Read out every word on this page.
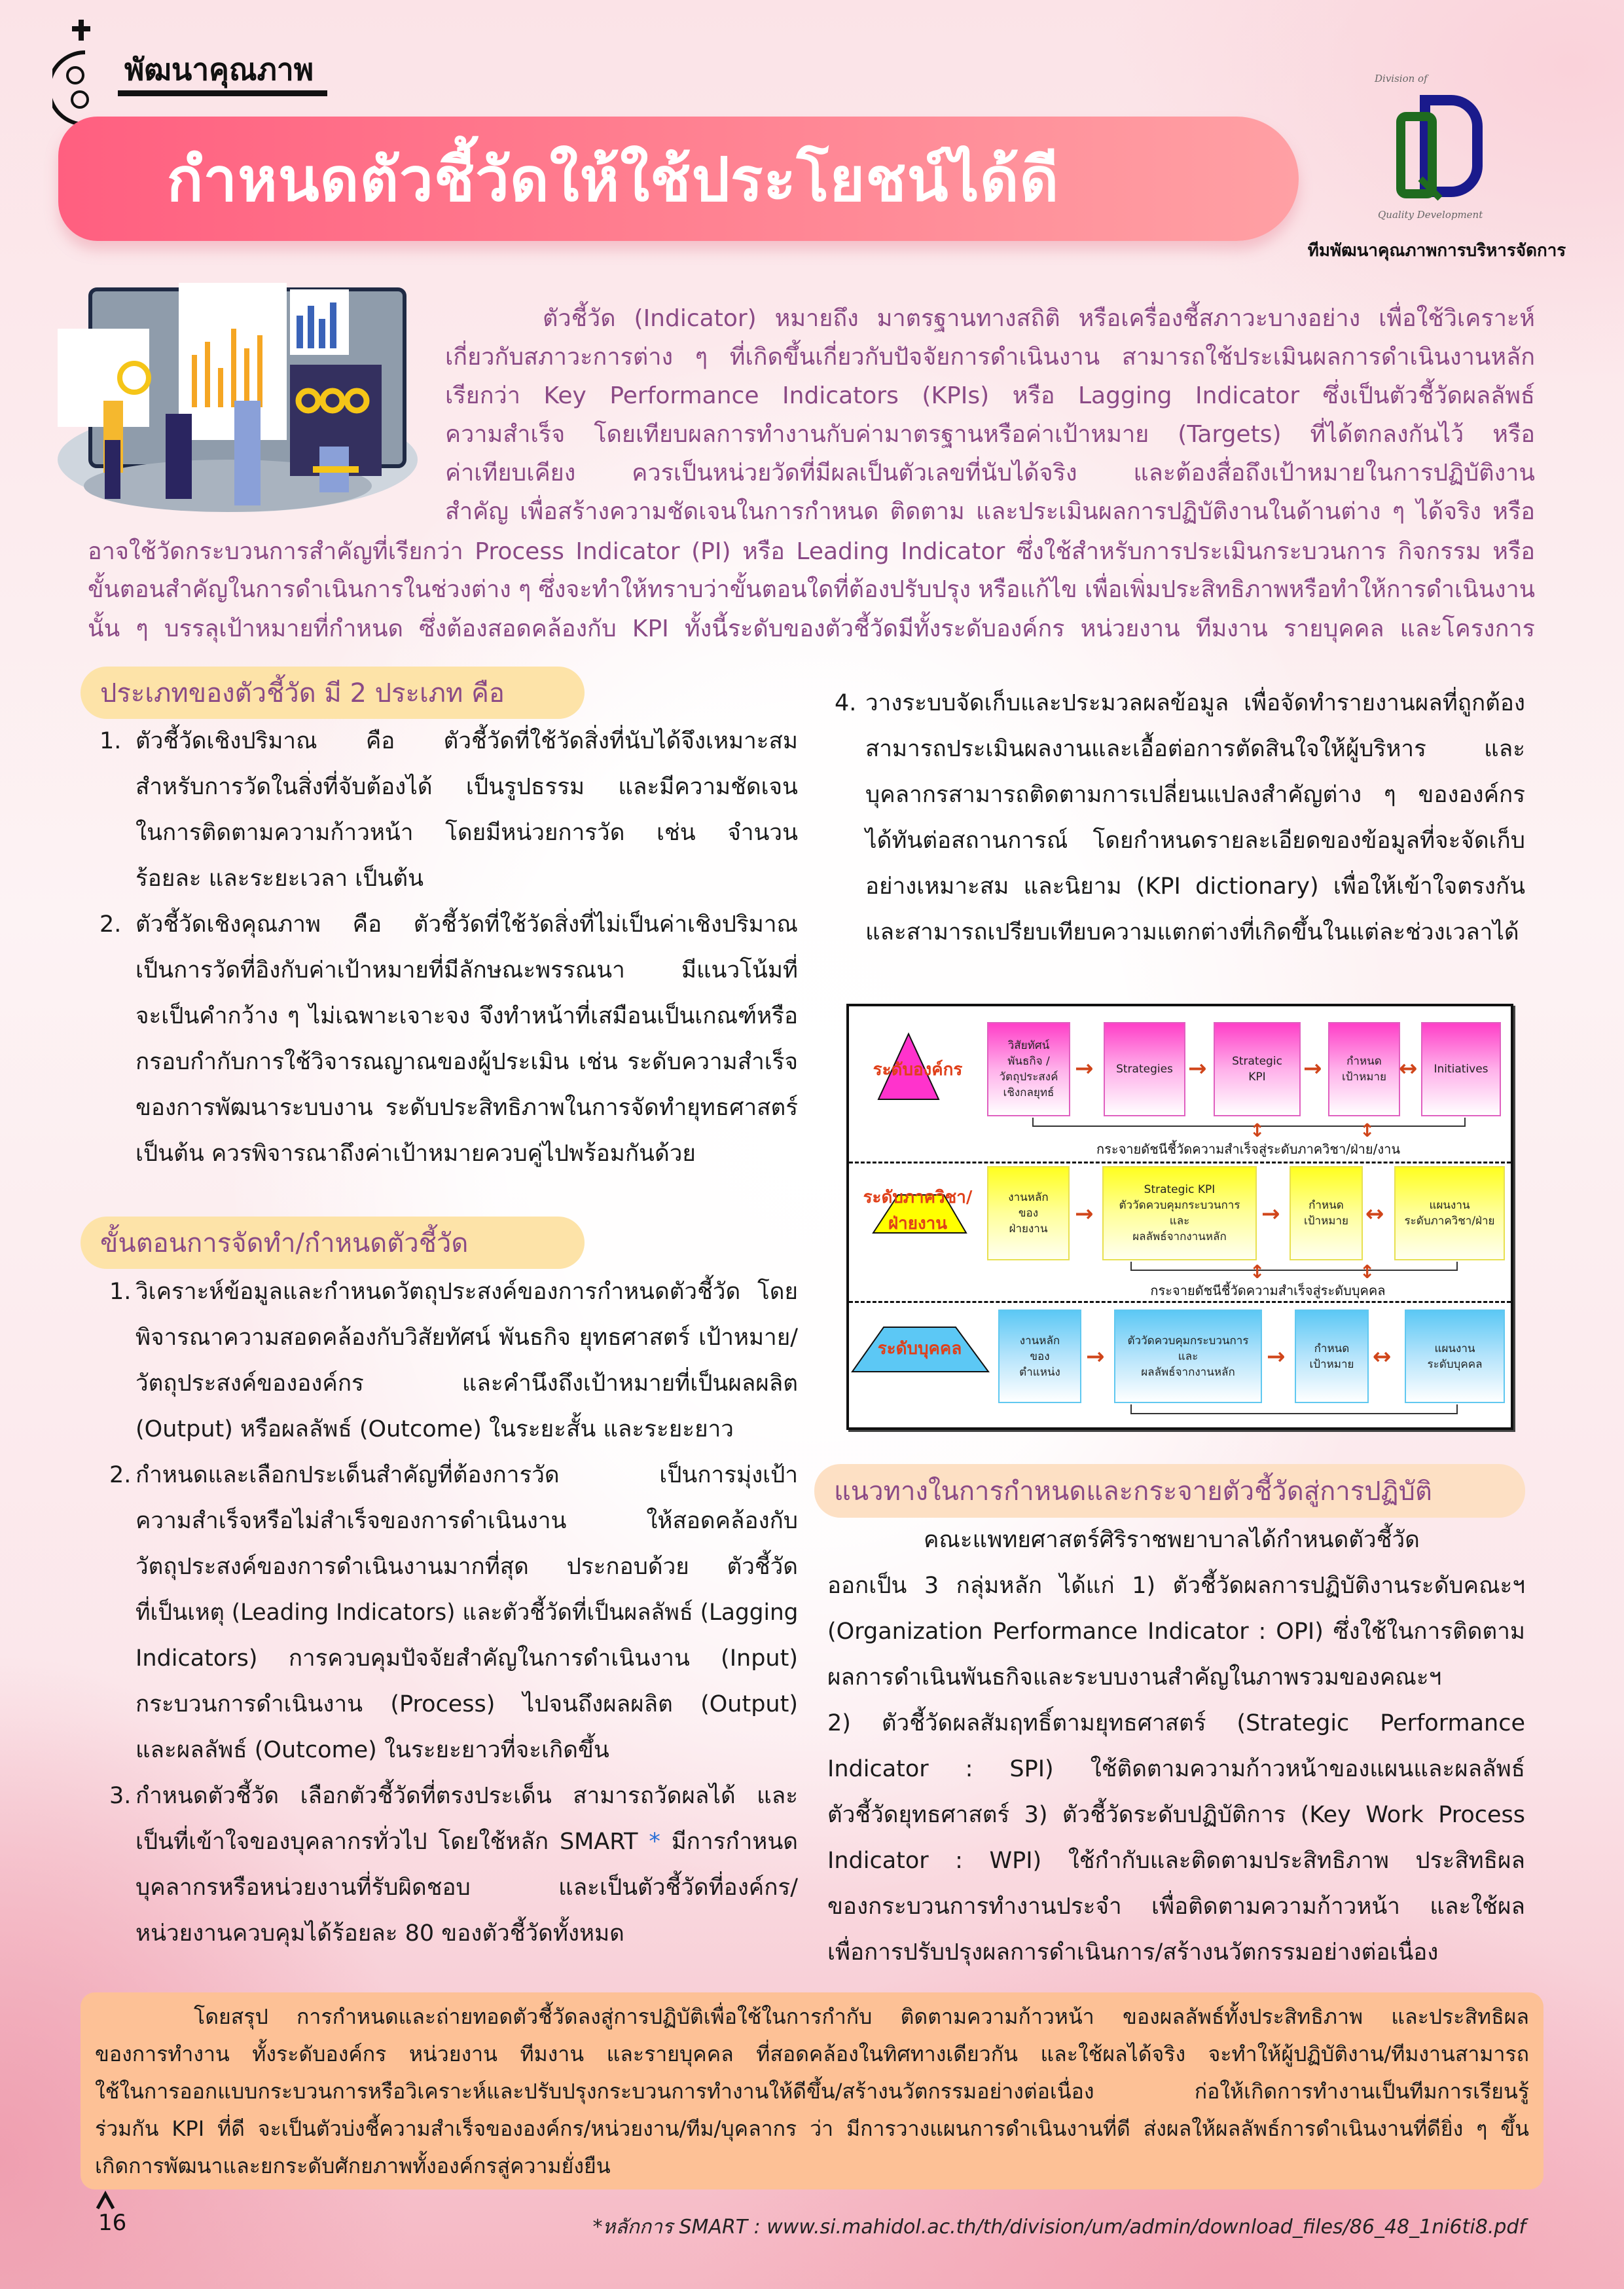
พัฒนาคุณภาพ
กำหนดตัวชี้วัดให้ใช้ประโยชน์ได้ดี
Division of
Quality Development
ทีมพัฒนาคุณภาพการบริหารจัดการ
ตัวชี้วัด (Indicator) หมายถึง มาตรฐานทางสถิติ หรือเครื่องชี้สภาวะบางอย่าง เพื่อใช้วิเคราะห์
เกี่ยวกับสภาวะการต่าง ๆ ที่เกิดขึ้นเกี่ยวกับปัจจัยการดำเนินงาน สามารถใช้ประเมินผลการดำเนินงานหลัก
เรียกว่า Key Performance Indicators (KPIs) หรือ Lagging Indicator ซึ่งเป็นตัวชี้วัดผลลัพธ์
ความสำเร็จ โดยเทียบผลการทำงานกับค่ามาตรฐานหรือค่าเป้าหมาย (Targets) ที่ได้ตกลงกันไว้ หรือ
ค่าเทียบเคียง ควรเป็นหน่วยวัดที่มีผลเป็นตัวเลขที่นับได้จริง และต้องสื่อถึงเป้าหมายในการปฏิบัติงาน
สำคัญ เพื่อสร้างความชัดเจนในการกำหนด ติดตาม และประเมินผลการปฏิบัติงานในด้านต่าง ๆ ได้จริง หรือ
อาจใช้วัดกระบวนการสำคัญที่เรียกว่า Process Indicator (PI) หรือ Leading Indicator ซึ่งใช้สำหรับการประเมินกระบวนการ กิจกรรม หรือ
ขั้นตอนสำคัญในการดำเนินการในช่วงต่าง ๆ ซึ่งจะทำให้ทราบว่าขั้นตอนใดที่ต้องปรับปรุง หรือแก้ไข เพื่อเพิ่มประสิทธิภาพหรือทำให้การดำเนินงาน
นั้น ๆ บรรลุเป้าหมายที่กำหนด ซึ่งต้องสอดคล้องกับ KPI ทั้งนี้ระดับของตัวชี้วัดมีทั้งระดับองค์กร หน่วยงาน ทีมงาน รายบุคคล และโครงการ
ประเภทของตัวชี้วัด มี 2 ประเภท คือ
1. ตัวชี้วัดเชิงปริมาณ คือ ตัวชี้วัดที่ใช้วัดสิ่งที่นับได้จึงเหมาะสม
สำหรับการวัดในสิ่งที่จับต้องได้ เป็นรูปธรรม และมีความชัดเจน
ในการติดตามความก้าวหน้า โดยมีหน่วยการวัด เช่น จำนวน
ร้อยละ และระยะเวลา เป็นต้น
2. ตัวชี้วัดเชิงคุณภาพ คือ ตัวชี้วัดที่ใช้วัดสิ่งที่ไม่เป็นค่าเชิงปริมาณ
เป็นการวัดที่อิงกับค่าเป้าหมายที่มีลักษณะพรรณนา มีแนวโน้มที่
จะเป็นคำกว้าง ๆ ไม่เฉพาะเจาะจง จึงทำหน้าที่เสมือนเป็นเกณฑ์หรือ
กรอบกำกับการใช้วิจารณญาณของผู้ประเมิน เช่น ระดับความสำเร็จ
ของการพัฒนาระบบงาน ระดับประสิทธิภาพในการจัดทำยุทธศาสตร์
เป็นต้น ควรพิจารณาถึงค่าเป้าหมายควบคู่ไปพร้อมกันด้วย
ขั้นตอนการจัดทำ/กำหนดตัวชี้วัด
1. วิเคราะห์ข้อมูลและกำหนดวัตถุประสงค์ของการกำหนดตัวชี้วัด โดย
พิจารณาความสอดคล้องกับวิสัยทัศน์ พันธกิจ ยุทธศาสตร์ เป้าหมาย/
วัตถุประสงค์ขององค์กร และคำนึงถึงเป้าหมายที่เป็นผลผลิต
(Output) หรือผลลัพธ์ (Outcome) ในระยะสั้น และระยะยาว
2. กำหนดและเลือกประเด็นสำคัญที่ต้องการวัด เป็นการมุ่งเป้า
ความสำเร็จหรือไม่สำเร็จของการดำเนินงาน ให้สอดคล้องกับ
วัตถุประสงค์ของการดำเนินงานมากที่สุด ประกอบด้วย ตัวชี้วัด
ที่เป็นเหตุ (Leading Indicators) และตัวชี้วัดที่เป็นผลลัพธ์ (Lagging
Indicators) การควบคุมปัจจัยสำคัญในการดำเนินงาน (Input)
กระบวนการดำเนินงาน (Process) ไปจนถึงผลผลิต (Output)
และผลลัพธ์ (Outcome) ในระยะยาวที่จะเกิดขึ้น
3. กำหนดตัวชี้วัด เลือกตัวชี้วัดที่ตรงประเด็น สามารถวัดผลได้ และ
เป็นที่เข้าใจของบุคลากรทั่วไป โดยใช้หลัก SMART * มีการกำหนด
บุคลากรหรือหน่วยงานที่รับผิดชอบ และเป็นตัวชี้วัดที่องค์กร/
หน่วยงานควบคุมได้ร้อยละ 80 ของตัวชี้วัดทั้งหมด
4. วางระบบจัดเก็บและประมวลผลข้อมูล เพื่อจัดทำรายงานผลที่ถูกต้อง
สามารถประเมินผลงานและเอื้อต่อการตัดสินใจให้ผู้บริหาร และ
บุคลากรสามารถติดตามการเปลี่ยนแปลงสำคัญต่าง ๆ ขององค์กร
ได้ทันต่อสถานการณ์ โดยกำหนดรายละเอียดของข้อมูลที่จะจัดเก็บ
อย่างเหมาะสม และนิยาม (KPI dictionary) เพื่อให้เข้าใจตรงกัน
และสามารถเปรียบเทียบความแตกต่างที่เกิดขึ้นในแต่ละช่วงเวลาได้
ระดับองค์กร
ระดับภาควิชา/
ฝ่ายงาน
ระดับบุคคล
วิสัยทัศน์
พันธกิจ /
วัตถุประสงค์
เชิงกลยุทธ์
Strategies
Strategic
KPI
กำหนด
เป้าหมาย
Initiatives
→	→	→	↔
↕	↕
กระจายดัชนีชี้วัดความสำเร็จสู่ระดับภาควิชา/ฝ่าย/งาน
งานหลัก
ของ
ฝ่ายงาน
Strategic KPI
ตัววัดควบคุมกระบวนการ
และ
ผลลัพธ์จากงานหลัก
กำหนด
เป้าหมาย
แผนงาน
ระดับภาควิชา/ฝ่าย
→	→	↔
↕	↕
กระจายดัชนีชี้วัดความสำเร็จสู่ระดับบุคคล
งานหลัก
ของ
ตำแหน่ง
ตัววัดควบคุมกระบวนการ
และ
ผลลัพธ์จากงานหลัก
กำหนด
เป้าหมาย
แผนงาน
ระดับบุคคล
→	→	↔
แนวทางในการกำหนดและกระจายตัวชี้วัดสู่การปฏิบัติ
คณะแพทยศาสตร์ศิริราชพยาบาลได้กำหนดตัวชี้วัด
ออกเป็น 3 กลุ่มหลัก ได้แก่ 1) ตัวชี้วัดผลการปฏิบัติงานระดับคณะฯ
(Organization Performance Indicator : OPI) ซึ่งใช้ในการติดตาม
ผลการดำเนินพันธกิจและระบบงานสำคัญในภาพรวมของคณะฯ
2) ตัวชี้วัดผลสัมฤทธิ์ตามยุทธศาสตร์ (Strategic Performance
Indicator : SPI) ใช้ติดตามความก้าวหน้าของแผนและผลลัพธ์
ตัวชี้วัดยุทธศาสตร์ 3) ตัวชี้วัดระดับปฏิบัติการ (Key Work Process
Indicator : WPI) ใช้กำกับและติดตามประสิทธิภาพ ประสิทธิผล
ของกระบวนการทำงานประจำ เพื่อติดตามความก้าวหน้า และใช้ผล
เพื่อการปรับปรุงผลการดำเนินการ/สร้างนวัตกรรมอย่างต่อเนื่อง
โดยสรุป การกำหนดและถ่ายทอดตัวชี้วัดลงสู่การปฏิบัติเพื่อใช้ในการกำกับ ติดตามความก้าวหน้า ของผลลัพธ์ทั้งประสิทธิภาพ และประสิทธิผล
ของการทำงาน ทั้งระดับองค์กร หน่วยงาน ทีมงาน และรายบุคคล ที่สอดคล้องในทิศทางเดียวกัน และใช้ผลได้จริง จะทำให้ผู้ปฏิบัติงาน/ทีมงานสามารถ
ใช้ในการออกแบบกระบวนการหรือวิเคราะห์และปรับปรุงกระบวนการทำงานให้ดีขึ้น/สร้างนวัตกรรมอย่างต่อเนื่อง ก่อให้เกิดการทำงานเป็นทีมการเรียนรู้
ร่วมกัน KPI ที่ดี จะเป็นตัวบ่งชี้ความสำเร็จขององค์กร/หน่วยงาน/ทีม/บุคลากร ว่า มีการวางแผนการดำเนินงานที่ดี ส่งผลให้ผลลัพธ์การดำเนินงานที่ดียิ่ง ๆ ขึ้น
เกิดการพัฒนาและยกระดับศักยภาพทั้งองค์กรสู่ความยั่งยืน
16	*หลักการ SMART : www.si.mahidol.ac.th/th/division/um/admin/download_files/86_48_1ni6ti8.pdf
